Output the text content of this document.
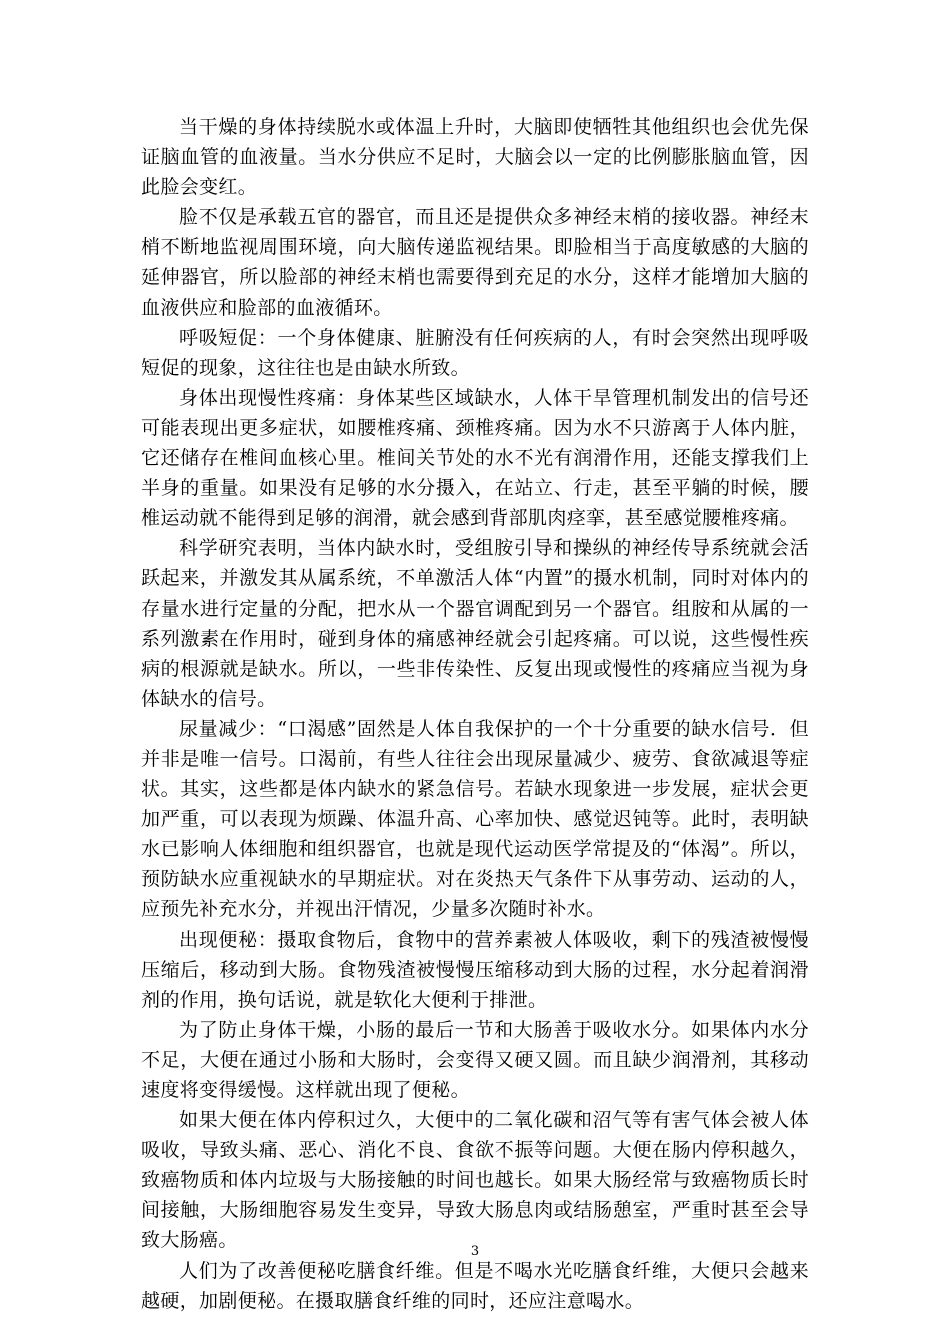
当干燥的身体持续脱水或体温上升时，大脑即使牺牲其他组织也会优先保证脑血管的血液量。当水分供应不足时，大脑会以一定的比例膨胀脑血管，因此脸会变红。

脸不仅是承载五官的器官，而且还是提供众多神经末梢的接收器。神经末梢不断地监视周围环境，向大脑传递监视结果。即脸相当于高度敏感的大脑的延伸器官，所以脸部的神经末梢也需要得到充足的水分，这样才能增加大脑的血液供应和脸部的血液循环。

呼吸短促：一个身体健康、脏腑没有任何疾病的人，有时会突然出现呼吸短促的现象，这往往也是由缺水所致。

身体出现慢性疼痛：身体某些区域缺水，人体干旱管理机制发出的信号还可能表现出更多症状，如腰椎疼痛、颈椎疼痛。因为水不只游离于人体内脏，它还储存在椎间血核心里。椎间关节处的水不光有润滑作用，还能支撑我们上半身的重量。如果没有足够的水分摄入，在站立、行走，甚至平躺的时候，腰椎运动就不能得到足够的润滑，就会感到背部肌肉痉挛，甚至感觉腰椎疼痛。

科学研究表明，当体内缺水时，受组胺引导和操纵的神经传导系统就会活跃起来，并激发其从属系统，不单激活人体“内置”的摄水机制，同时对体内的存量水进行定量的分配，把水从一个器官调配到另一个器官。组胺和从属的一系列激素在作用时，碰到身体的痛感神经就会引起疼痛。可以说，这些慢性疾病的根源就是缺水。所以，一些非传染性、反复出现或慢性的疼痛应当视为身体缺水的信号。

尿量减少：“口渴感”固然是人体自我保护的一个十分重要的缺水信号．但并非是唯一信号。口渴前，有些人往往会出现尿量减少、疲劳、食欲减退等症状。其实，这些都是体内缺水的紧急信号。若缺水现象进一步发展，症状会更加严重，可以表现为烦躁、体温升高、心率加快、感觉迟钝等。此时，表明缺水已影响人体细胞和组织器官，也就是现代运动医学常提及的“体渴”。所以，预防缺水应重视缺水的早期症状。对在炎热天气条件下从事劳动、运动的人，应预先补充水分，并视出汗情况，少量多次随时补水。

出现便秘：摄取食物后，食物中的营养素被人体吸收，剩下的残渣被慢慢压缩后，移动到大肠。食物残渣被慢慢压缩移动到大肠的过程，水分起着润滑剂的作用，换句话说，就是软化大便利于排泄。

为了防止身体干燥，小肠的最后一节和大肠善于吸收水分。如果体内水分不足，大便在通过小肠和大肠时，会变得又硬又圆。而且缺少润滑剂，其移动速度将变得缓慢。这样就出现了便秘。

如果大便在体内停积过久，大便中的二氧化碳和沼气等有害气体会被人体吸收，导致头痛、恶心、消化不良、食欲不振等问题。大便在肠内停积越久，致癌物质和体内垃圾与大肠接触的时间也越长。如果大肠经常与致癌物质长时间接触，大肠细胞容易发生变异，导致大肠息肉或结肠憩室，严重时甚至会导致大肠癌。

人们为了改善便秘吃膳食纤维。但是不喝水光吃膳食纤维，大便只会越来越硬，加剧便秘。在摄取膳食纤维的同时，还应注意喝水。

3
